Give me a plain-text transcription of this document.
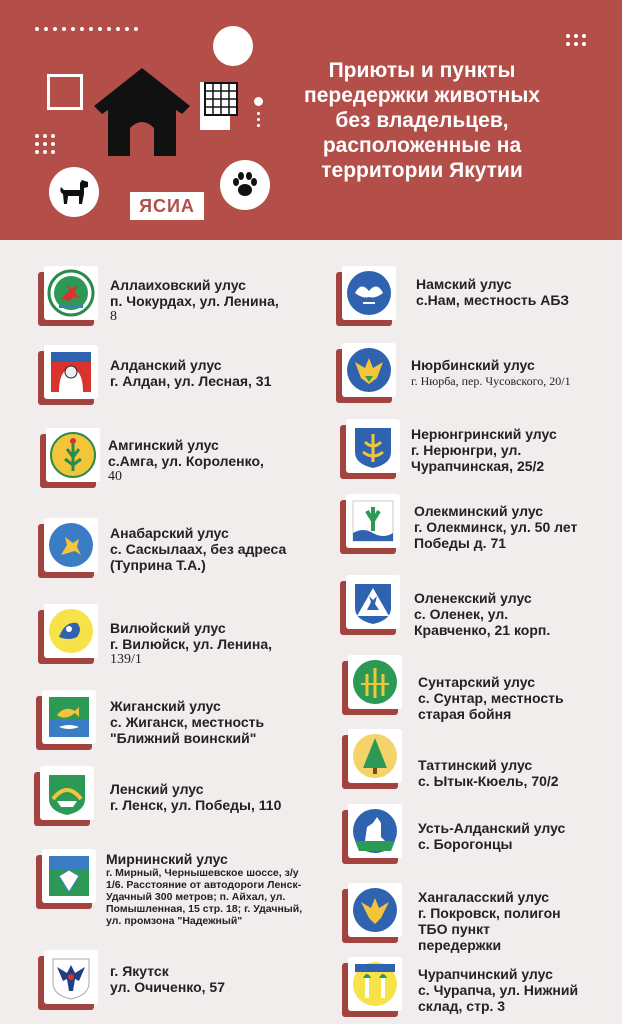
ЯСИА
Приюты и пункты
передержки животных
без владельцев,
расположенные на
территории Якутии
Аллаиховский улус
п. Чокурдах, ул. Ленина,
8
Алданский улус
г. Алдан, ул. Лесная, 31
Амгинский улус
с.Амга, ул. Короленко,
40
Анабарский улус
с. Саскылаах, без адреса
(Туприна Т.А.)
Вилюйский улус
г. Вилюйск, ул. Ленина,
139/1
Жиганский улус
с. Жиганск, местность
"Ближний воинский"
Ленский улус
г. Ленск, ул. Победы, 110
Мирнинский улус
г. Мирный, Чернышевское шоссе, з/у
1/6. Расстояние от автодороги Ленск-
Удачный 300 метров; п. Айхал, ул.
Помышленная, 15 стр. 18; г. Удачный,
ул. промзона "Надежный"
г. Якутск
ул. Очиченко, 57
Намский улус
с.Нам, местность АБЗ
Нюрбинский улус
г. Нюрба, пер. Чусовского, 20/1
Нерюнгринский улус
г. Нерюнгри, ул.
Чурапчинская, 25/2
Олекминский улус
г. Олекминск, ул. 50 лет
Победы д. 71
Оленекский улус
с. Оленек, ул.
Кравченко, 21 корп.
Сунтарский улус
с. Сунтар, местность
старая бойня
Таттинский улус
с. Ытык-Кюель, 70/2
Усть-Алданский улус
с. Борогонцы
Хангаласский улус
г. Покровск, полигон
ТБО пункт
передержки
Чурапчинский улус
с. Чурапча, ул. Нижний
склад, стр. 3
